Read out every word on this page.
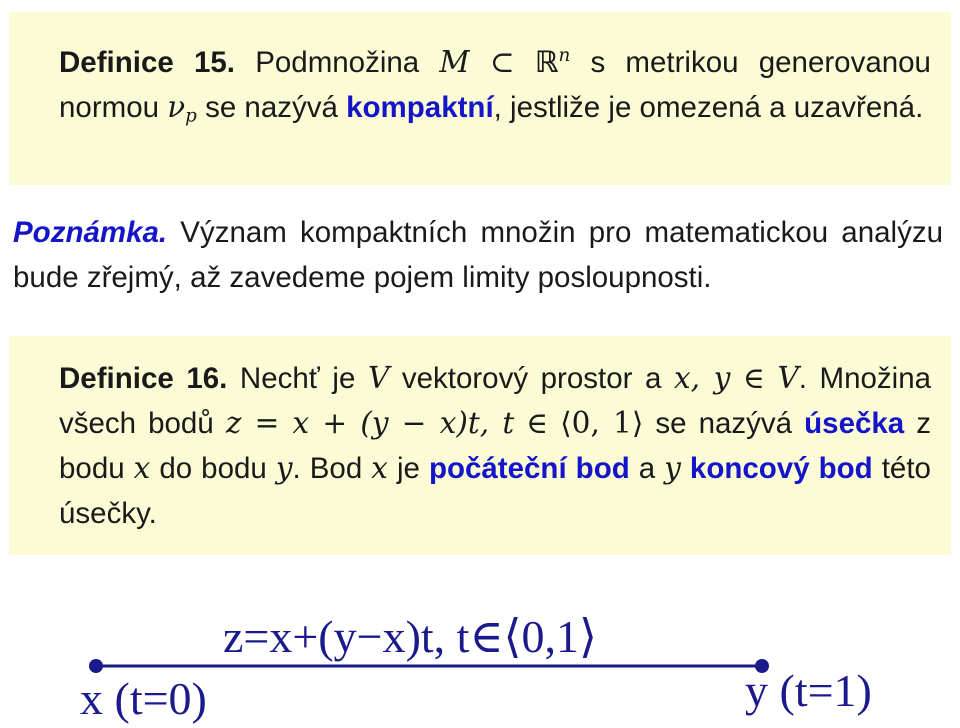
Definice 15. Podmnožina M ⊂ ℝ$^n$ s metrikou generovanou normou $\nu_p$ se nazývá kompaktní, jestliže je omezená a uzavřená.

Poznámka. Význam kompaktních množin pro matematickou analýzu bude zřejmý, až zavedeme pojem limity posloupnosti.

Definice 16. Nechť je V vektorový prostor a x, y ∈ V. Množina všech bodů z = x + (y − x)t, t ∈ ⟨0, 1⟩ se nazývá úsečka z bodu x do bodu y. Bod x je počáteční bod a y koncový bod této úsečky.

z=x+(y−x)t, t∈⟨0,1⟩
x (t=0)	y (t=1)
